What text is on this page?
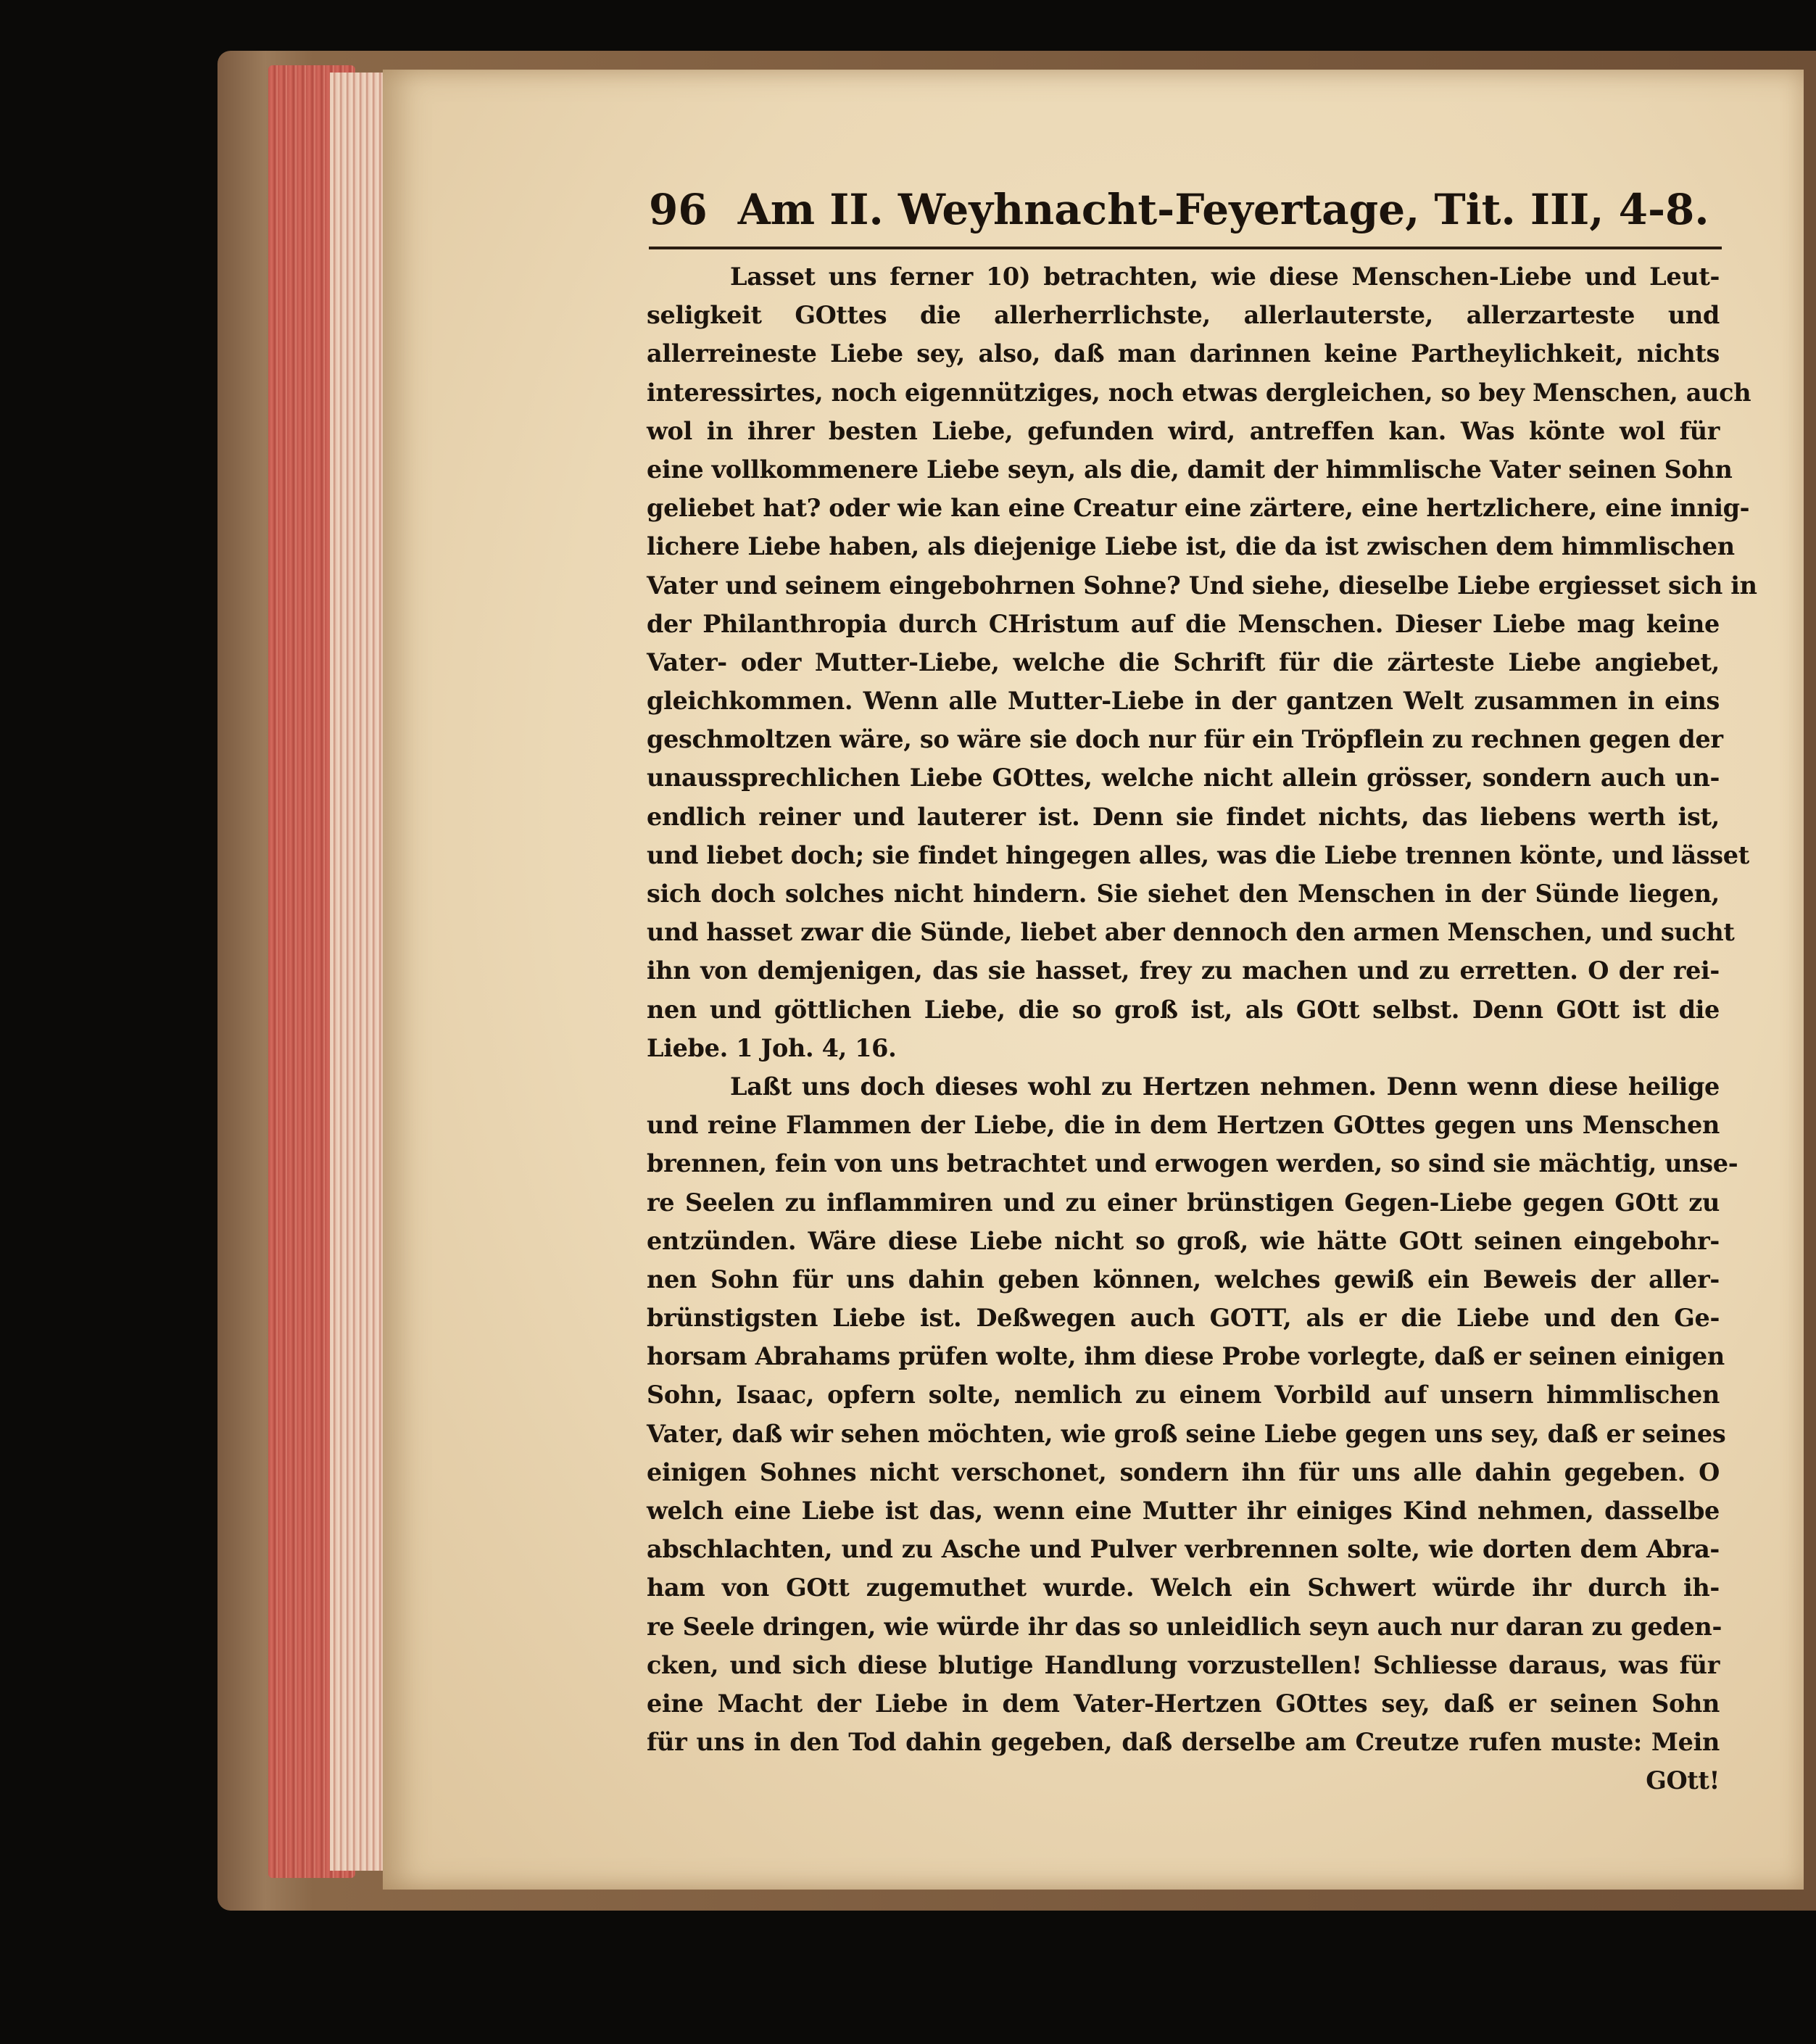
96 Am II. Weyhnacht-Feyertage, Tit. III, 4-8.
Lasset uns ferner 10) betrachten, wie diese Menschen-Liebe und Leut-
seligkeit GOttes die allerherrlichste, allerlauterste, allerzarteste und
allerreineste Liebe sey, also, daß man darinnen keine Partheylichkeit, nichts
interessirtes, noch eigennütziges, noch etwas dergleichen, so bey Menschen, auch
wol in ihrer besten Liebe, gefunden wird, antreffen kan. Was könte wol für
eine vollkommenere Liebe seyn, als die, damit der himmlische Vater seinen Sohn
geliebet hat? oder wie kan eine Creatur eine zärtere, eine hertzlichere, eine innig-
lichere Liebe haben, als diejenige Liebe ist, die da ist zwischen dem himmlischen
Vater und seinem eingebohrnen Sohne? Und siehe, dieselbe Liebe ergiesset sich in
der Philanthropia durch CHristum auf die Menschen. Dieser Liebe mag keine
Vater- oder Mutter-Liebe, welche die Schrift für die zärteste Liebe angiebet,
gleichkommen. Wenn alle Mutter-Liebe in der gantzen Welt zusammen in eins
geschmoltzen wäre, so wäre sie doch nur für ein Tröpflein zu rechnen gegen der
unaussprechlichen Liebe GOttes, welche nicht allein grösser, sondern auch un-
endlich reiner und lauterer ist. Denn sie findet nichts, das liebens werth ist,
und liebet doch; sie findet hingegen alles, was die Liebe trennen könte, und lässet
sich doch solches nicht hindern. Sie siehet den Menschen in der Sünde liegen,
und hasset zwar die Sünde, liebet aber dennoch den armen Menschen, und sucht
ihn von demjenigen, das sie hasset, frey zu machen und zu erretten. O der rei-
nen und göttlichen Liebe, die so groß ist, als GOtt selbst. Denn GOtt ist die
Liebe. 1 Joh. 4, 16.
Laßt uns doch dieses wohl zu Hertzen nehmen. Denn wenn diese heilige
und reine Flammen der Liebe, die in dem Hertzen GOttes gegen uns Menschen
brennen, fein von uns betrachtet und erwogen werden, so sind sie mächtig, unse-
re Seelen zu inflammiren und zu einer brünstigen Gegen-Liebe gegen GOtt zu
entzünden. Wäre diese Liebe nicht so groß, wie hätte GOtt seinen eingebohr-
nen Sohn für uns dahin geben können, welches gewiß ein Beweis der aller-
brünstigsten Liebe ist. Deßwegen auch GOTT, als er die Liebe und den Ge-
horsam Abrahams prüfen wolte, ihm diese Probe vorlegte, daß er seinen einigen
Sohn, Isaac, opfern solte, nemlich zu einem Vorbild auf unsern himmlischen
Vater, daß wir sehen möchten, wie groß seine Liebe gegen uns sey, daß er seines
einigen Sohnes nicht verschonet, sondern ihn für uns alle dahin gegeben. O
welch eine Liebe ist das, wenn eine Mutter ihr einiges Kind nehmen, dasselbe
abschlachten, und zu Asche und Pulver verbrennen solte, wie dorten dem Abra-
ham von GOtt zugemuthet wurde. Welch ein Schwert würde ihr durch ih-
re Seele dringen, wie würde ihr das so unleidlich seyn auch nur daran zu geden-
cken, und sich diese blutige Handlung vorzustellen! Schliesse daraus, was für
eine Macht der Liebe in dem Vater-Hertzen GOttes sey, daß er seinen Sohn
für uns in den Tod dahin gegeben, daß derselbe am Creutze rufen muste: Mein
GOtt!
